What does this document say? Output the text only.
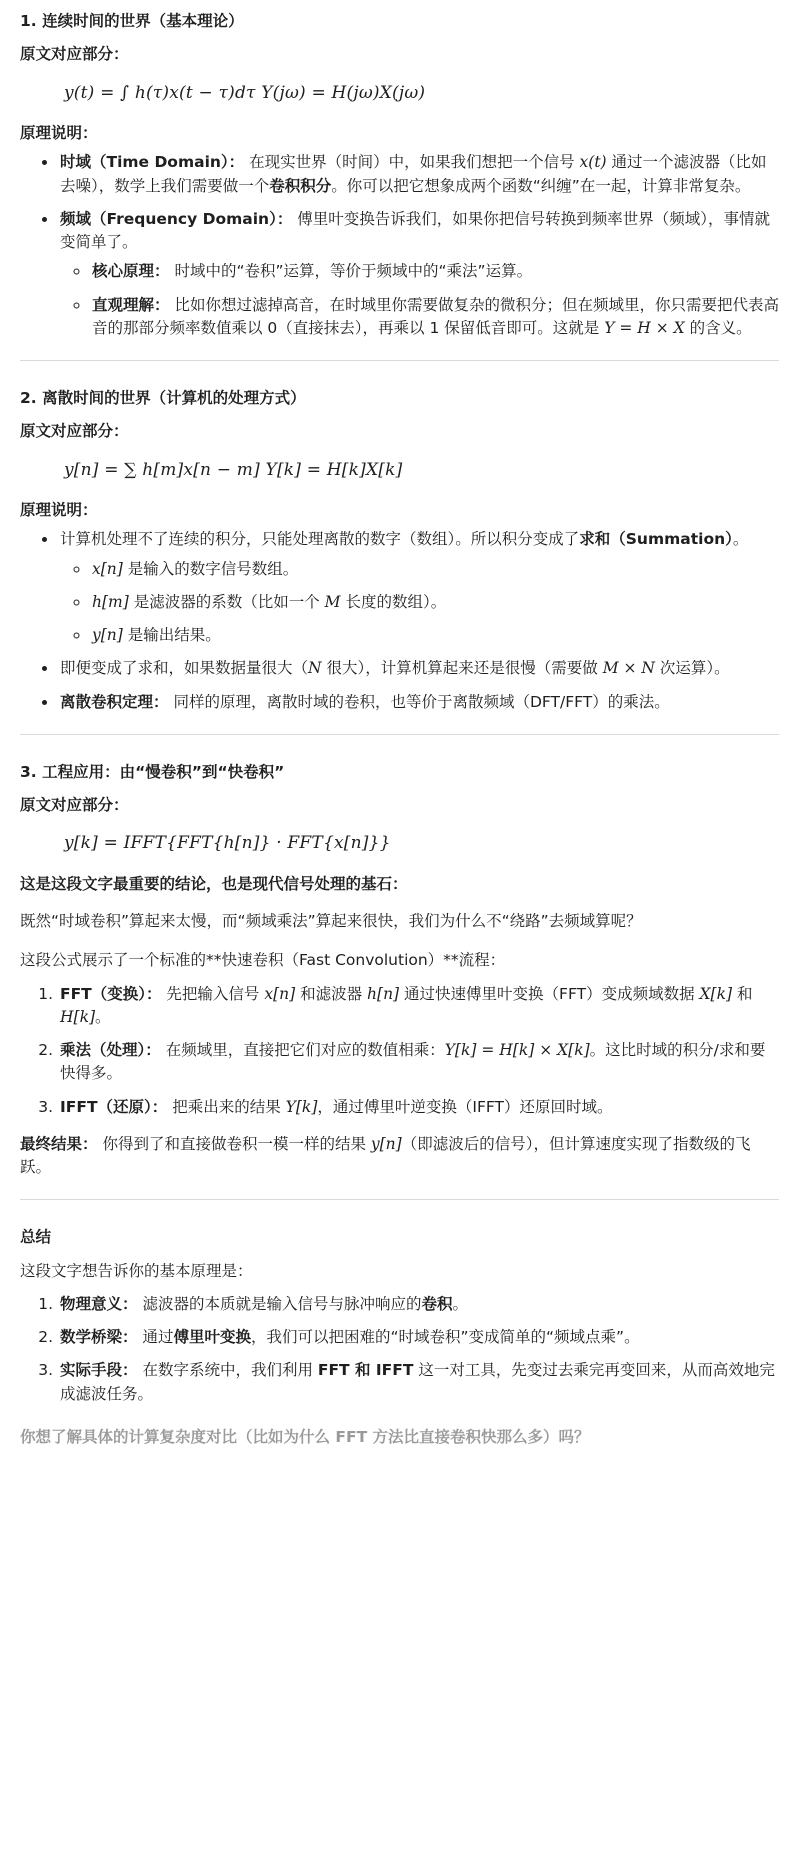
1. 连续时间的世界（基本理论）
原文对应部分：
y(t) = ∫ h(τ)x(t − τ)dτ Y(jω) = H(jω)X(jω)
原理说明：
• 时域（Time Domain）： 在现实世界（时间）中，如果我们想把一个信号 x(t) 通过一个滤波器（比如去噪），数学上我们需要做一个卷积积分。你可以把它想象成两个函数“纠缠”在一起，计算非常复杂。
• 频域（Frequency Domain）： 傅里叶变换告诉我们，如果你把信号转换到频率世界（频域），事情就变简单了。
◦ 核心原理： 时域中的“卷积”运算，等价于频域中的“乘法”运算。
◦ 直观理解： 比如你想过滤掉高音，在时域里你需要做复杂的微积分；但在频域里，你只需要把代表高音的那部分频率数值乘以 0（直接抹去），再乘以 1 保留低音即可。这就是 Y = H × X 的含义。
2. 离散时间的世界（计算机的处理方式）
原文对应部分：
y[n] = ∑ h[m]x[n − m] Y[k] = H[k]X[k]
原理说明：
• 计算机处理不了连续的积分，只能处理离散的数字（数组）。所以积分变成了求和（Summation）。
◦ x[n] 是输入的数字信号数组。
◦ h[m] 是滤波器的系数（比如一个 M 长度的数组）。
◦ y[n] 是输出结果。
• 即便变成了求和，如果数据量很大（N 很大），计算机算起来还是很慢（需要做 M × N 次运算）。
• 离散卷积定理： 同样的原理，离散时域的卷积，也等价于离散频域（DFT/FFT）的乘法。
3. 工程应用：由“慢卷积”到“快卷积”
原文对应部分：
y[k] = IFFT{FFT{h[n]} · FFT{x[n]}}
这是这段文字最重要的结论，也是现代信号处理的基石：

既然“时域卷积”算起来太慢，而“频域乘法”算起来很快，我们为什么不“绕路”去频域算呢？

这段公式展示了一个标准的**快速卷积（Fast Convolution）**流程：

1. FFT（变换）： 先把输入信号 x[n] 和滤波器 h[n] 通过快速傅里叶变换（FFT）变成频域数据 X[k] 和 H[k]。
2. 乘法（处理）： 在频域里，直接把它们对应的数值相乘：Y[k] = H[k] × X[k]。这比时域的积分/求和要快得多。
3. IFFT（还原）： 把乘出来的结果 Y[k]，通过傅里叶逆变换（IFFT）还原回时域。

最终结果： 你得到了和直接做卷积一模一样的结果 y[n]（即滤波后的信号），但计算速度实现了指数级的飞跃。

总结

这段文字想告诉你的基本原理是：

1. 物理意义： 滤波器的本质就是输入信号与脉冲响应的卷积。
2. 数学桥梁： 通过傅里叶变换，我们可以把困难的“时域卷积”变成简单的“频域点乘”。
3. 实际手段： 在数字系统中，我们利用 FFT 和 IFFT 这一对工具，先变过去乘完再变回来，从而高效地完成滤波任务。
你想了解具体的计算复杂度对比（比如为什么 FFT 方法比直接卷积快那么多）吗？
